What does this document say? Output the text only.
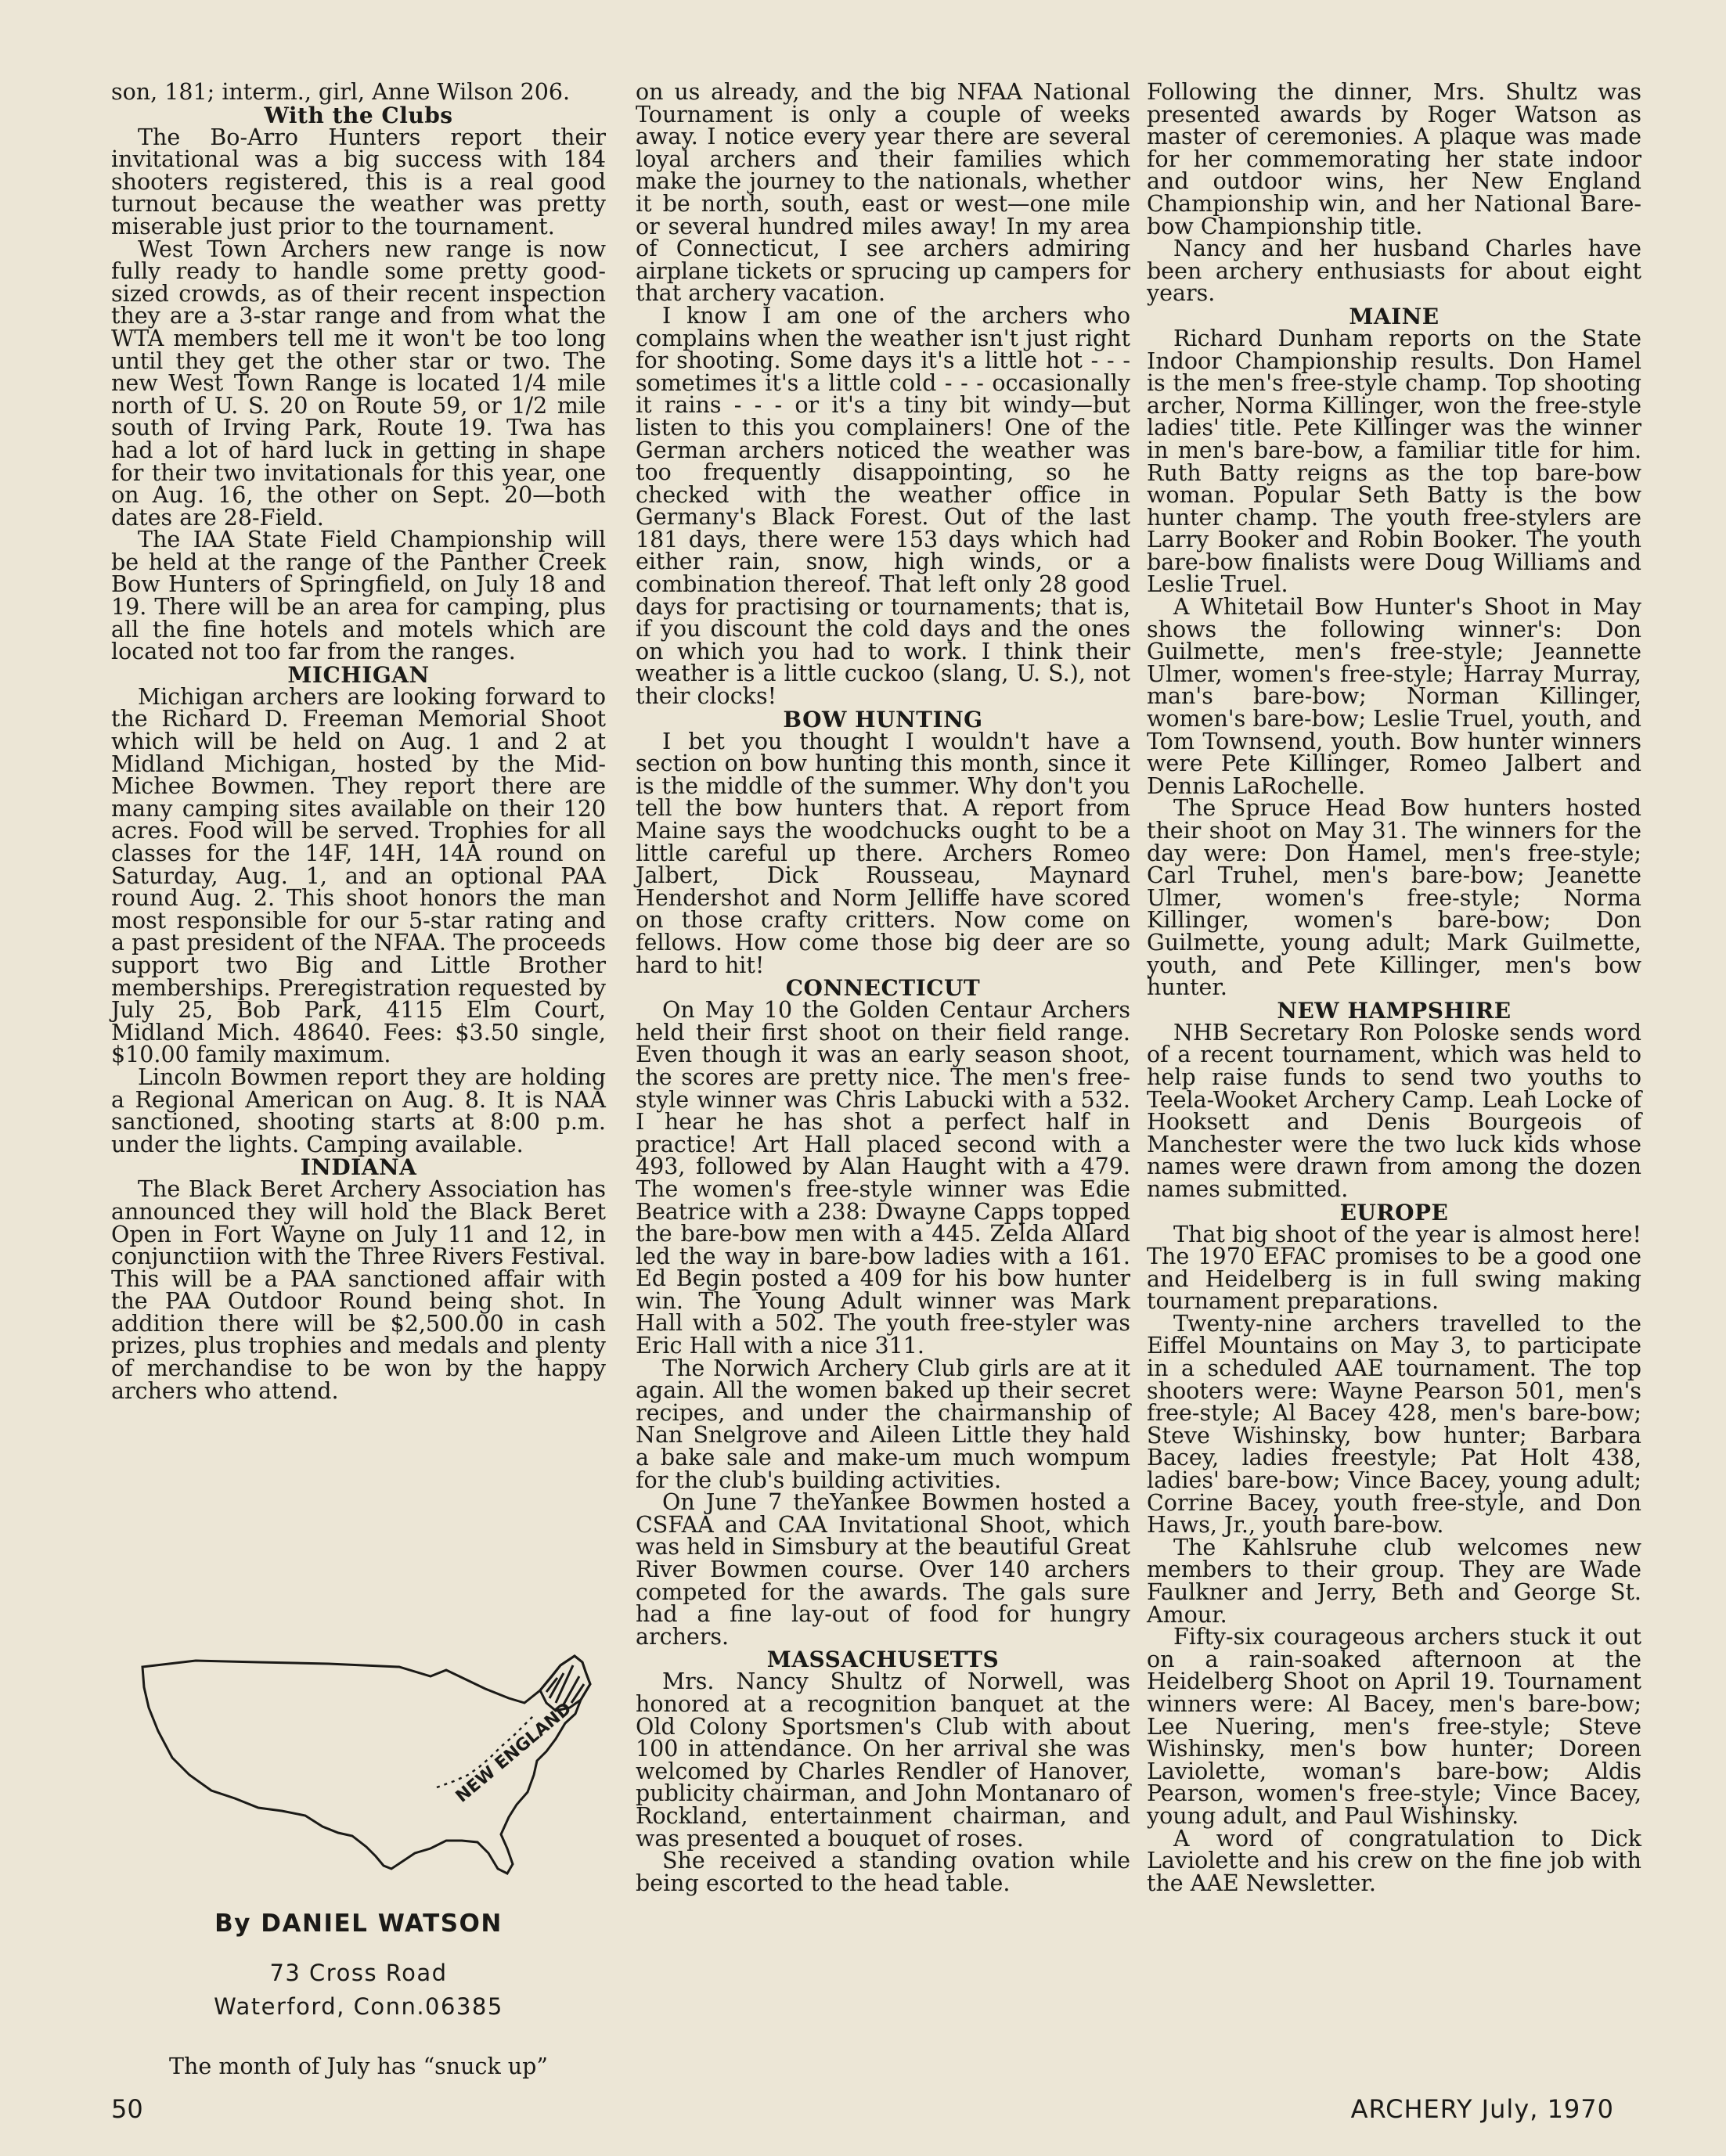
son, 181; interm., girl, Anne Wilson 206.

With the Clubs

The Bo-Arro Hunters report their invitational was a big success with 184 shooters registered, this is a real good turnout because the weather was pretty miserable just prior to the tournament.

West Town Archers new range is now fully ready to handle some pretty good-sized crowds, as of their recent inspection they are a 3-star range and from what the WTA members tell me it won't be too long until they get the other star or two. The new West Town Range is located 1/4 mile north of U. S. 20 on Route 59, or 1/2 mile south of Irving Park, Route 19. Twa has had a lot of hard luck in getting in shape for their two invitationals for this year, one on Aug. 16, the other on Sept. 20—both dates are 28-Field.

The IAA State Field Championship will be held at the range of the Panther Creek Bow Hunters of Springfield, on July 18 and 19. There will be an area for camping, plus all the fine hotels and motels which are located not too far from the ranges.

MICHIGAN

Michigan archers are looking forward to the Richard D. Freeman Memorial Shoot which will be held on Aug. 1 and 2 at Midland Michigan, hosted by the Mid-Michee Bowmen. They report there are many camping sites available on their 120 acres. Food will be served. Trophies for all classes for the 14F, 14H, 14A round on Saturday, Aug. 1, and an optional PAA round Aug. 2. This shoot honors the man most responsible for our 5-star rating and a past president of the NFAA. The proceeds support two Big and Little Brother memberships. Preregistration requested by July 25, Bob Park, 4115 Elm Court, Midland Mich. 48640. Fees: $3.50 single, $10.00 family maximum.

Lincoln Bowmen report they are holding a Regional American on Aug. 8. It is NAA sanctioned, shooting starts at 8:00 p.m. under the lights. Camping available.

INDIANA

The Black Beret Archery Association has announced they will hold the Black Beret Open in Fort Wayne on July 11 and 12, in conjunctiion with the Three Rivers Festival. This will be a PAA sanctioned affair with the PAA Outdoor Round being shot. In addition there will be $2,500.00 in cash prizes, plus trophies and medals and plenty of merchandise to be won by the happy archers who attend.

NEW ENGLAND
By DANIEL WATSON
73 Cross Road
Waterford, Conn.06385
The month of July has “snuck up”

on us already, and the big NFAA National Tournament is only a couple of weeks away. I notice every year there are several loyal archers and their families which make the journey to the nationals, whether it be north, south, east or west—one mile or several hundred miles away! In my area of Connecticut, I see archers admiring airplane tickets or sprucing up campers for that archery vacation.

I know I am one of the archers who complains when the weather isn't just right for shooting. Some days it's a little hot - - - sometimes it's a little cold - - - occasionally it rains - - - or it's a tiny bit windy—but listen to this you complainers! One of the German archers noticed the weather was too frequently disappointing, so he checked with the weather office in Germany's Black Forest. Out of the last 181 days, there were 153 days which had either rain, snow, high winds, or a combination thereof. That left only 28 good days for practising or tournaments; that is, if you discount the cold days and the ones on which you had to work. I think their weather is a little cuckoo (slang, U. S.), not their clocks!

BOW HUNTING

I bet you thought I wouldn't have a section on bow hunting this month, since it is the middle of the summer. Why don't you tell the bow hunters that. A report from Maine says the woodchucks ought to be a little careful up there. Archers Romeo Jalbert, Dick Rousseau, Maynard Hendershot and Norm Jelliffe have scored on those crafty critters. Now come on fellows. How come those big deer are so hard to hit!

CONNECTICUT

On May 10 the Golden Centaur Archers held their first shoot on their field range. Even though it was an early season shoot, the scores are pretty nice. The men's free-style winner was Chris Labucki with a 532. I hear he has shot a perfect half in practice! Art Hall placed second with a 493, followed by Alan Haught with a 479. The women's free-style winner was Edie Beatrice with a 238: Dwayne Capps topped the bare-bow men with a 445. Zelda Allard led the way in bare-bow ladies with a 161. Ed Begin posted a 409 for his bow hunter win. The Young Adult winner was Mark Hall with a 502. The youth free-styler was Eric Hall with a nice 311.

The Norwich Archery Club girls are at it again. All the women baked up their secret recipes, and under the chairmanship of Nan Snelgrove and Aileen Little they hald a bake sale and make-um much wompum for the club's building activities.

On June 7 theYankee Bowmen hosted a CSFAA and CAA Invitational Shoot, which was held in Simsbury at the beautiful Great River Bowmen course. Over 140 archers competed for the awards. The gals sure had a fine lay-out of food for hungry archers.

MASSACHUSETTS

Mrs. Nancy Shultz of Norwell, was honored at a recognition banquet at the Old Colony Sportsmen's Club with about 100 in attendance. On her arrival she was welcomed by Charles Rendler of Hanover, publicity chairman, and John Montanaro of Rockland, entertainment chairman, and was presented a bouquet of roses.

She received a standing ovation while being escorted to the head table.

Following the dinner, Mrs. Shultz was presented awards by Roger Watson as master of ceremonies. A plaque was made for her commemorating her state indoor and outdoor wins, her New England Championship win, and her National Bare-bow Championship title.

Nancy and her husband Charles have been archery enthusiasts for about eight years.

MAINE

Richard Dunham reports on the State Indoor Championship results. Don Hamel is the men's free-style champ. Top shooting archer, Norma Killinger, won the free-style ladies' title. Pete Killinger was the winner in men's bare-bow, a familiar title for him. Ruth Batty reigns as the top bare-bow woman. Popular Seth Batty is the bow hunter champ. The youth free-stylers are Larry Booker and Robin Booker. The youth bare-bow finalists were Doug Williams and Leslie Truel.

A Whitetail Bow Hunter's Shoot in May shows the following winner's: Don Guilmette, men's free-style; Jeannette Ulmer, women's free-style; Harray Murray, man's bare-bow; Norman Killinger, women's bare-bow; Leslie Truel, youth, and Tom Townsend, youth. Bow hunter winners were Pete Killinger, Romeo Jalbert and Dennis LaRochelle.

The Spruce Head Bow hunters hosted their shoot on May 31. The winners for the day were: Don Hamel, men's free-style; Carl Truhel, men's bare-bow; Jeanette Ulmer, women's free-style; Norma Killinger, women's bare-bow; Don Guilmette, young adult; Mark Guilmette, youth, and Pete Killinger, men's bow hunter.

NEW HAMPSHIRE

NHB Secretary Ron Poloske sends word of a recent tournament, which was held to help raise funds to send two youths to Teela-Wooket Archery Camp. Leah Locke of Hooksett and Denis Bourgeois of Manchester were the two luck kids whose names were drawn from among the dozen names submitted.

EUROPE

That big shoot of the year is almost here! The 1970 EFAC promises to be a good one and Heidelberg is in full swing making tournament preparations.

Twenty-nine archers travelled to the Eiffel Mountains on May 3, to participate in a scheduled AAE tournament. The top shooters were: Wayne Pearson 501, men's free-style; Al Bacey 428, men's bare-bow; Steve Wishinsky, bow hunter; Barbara Bacey, ladies freestyle; Pat Holt 438, ladies' bare-bow; Vince Bacey, young adult; Corrine Bacey, youth free-style, and Don Haws, Jr., youth bare-bow.

The Kahlsruhe club welcomes new members to their group. They are Wade Faulkner and Jerry, Beth and George St. Amour.

Fifty-six courageous archers stuck it out on a rain-soaked afternoon at the Heidelberg Shoot on April 19. Tournament winners were: Al Bacey, men's bare-bow; Lee Nuering, men's free-style; Steve Wishinsky, men's bow hunter; Doreen Laviolette, woman's bare-bow; Aldis Pearson, women's free-style; Vince Bacey, young adult, and Paul Wishinsky.

A word of congratulation to Dick Laviolette and his crew on the fine job with the AAE Newsletter.

50	ARCHERY July, 1970
